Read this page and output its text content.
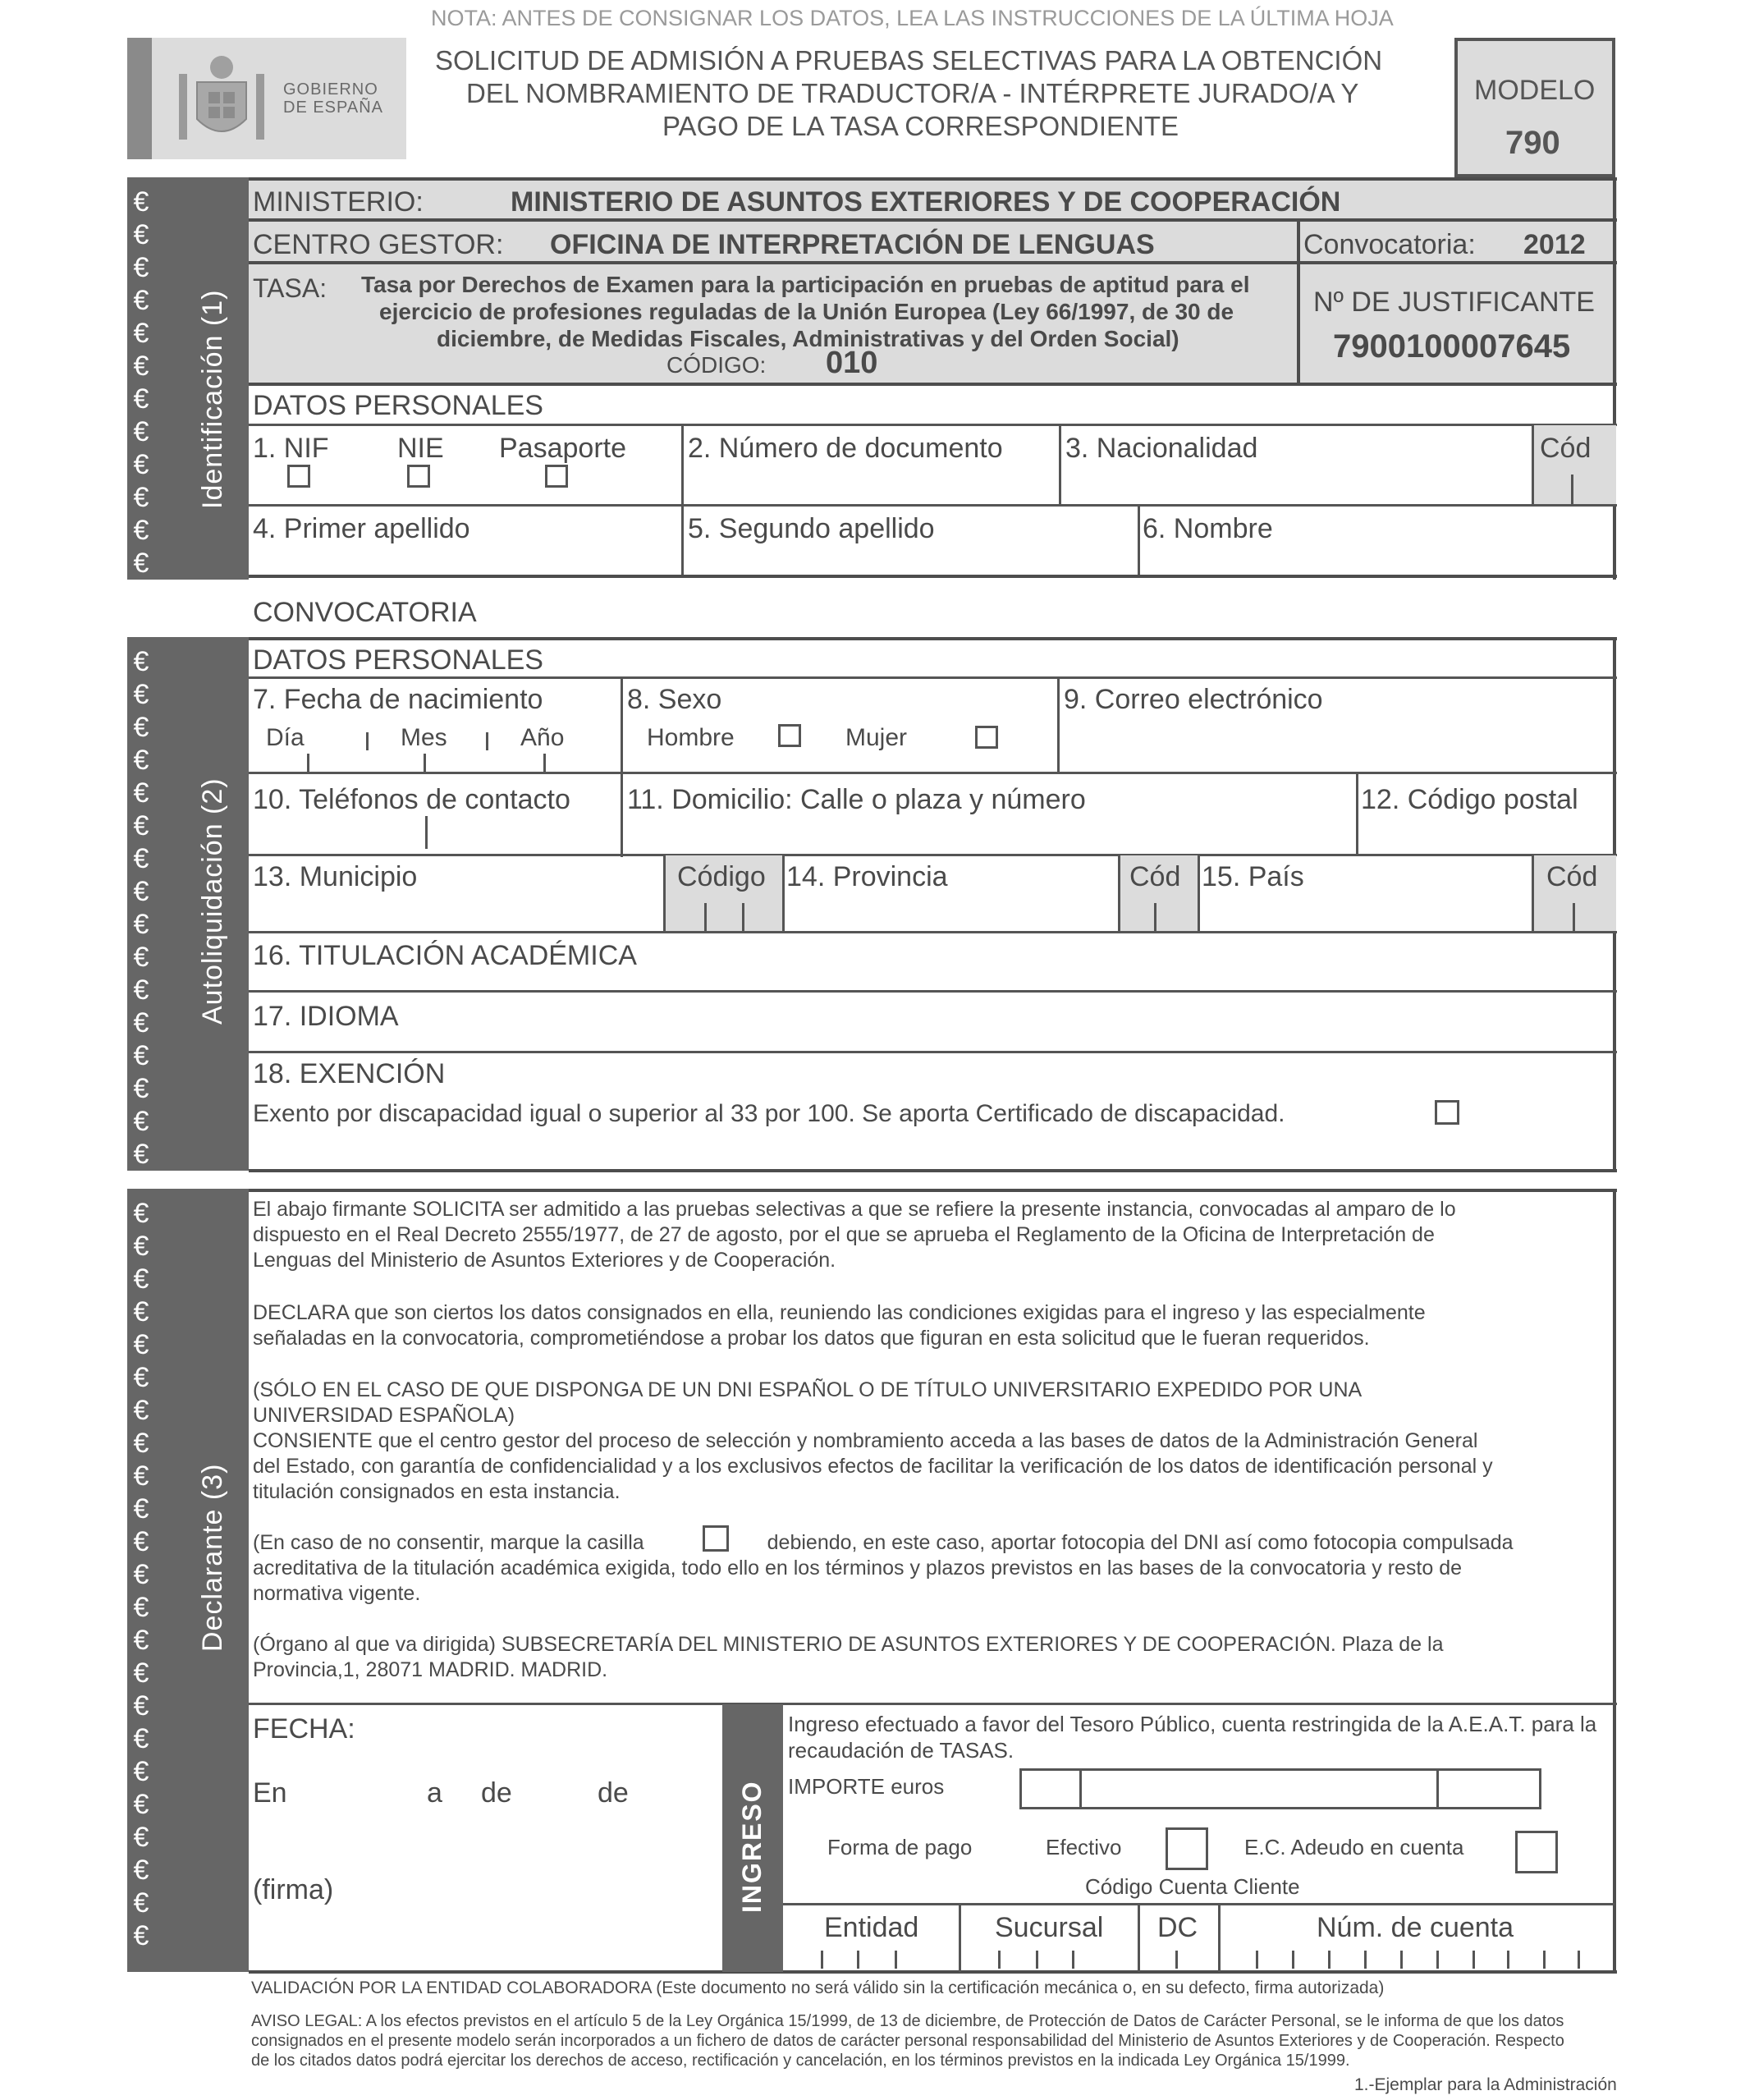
NOTA: ANTES DE CONSIGNAR LOS DATOS, LEA LAS INSTRUCCIONES DE LA ÚLTIMA HOJA
GOBIERNO
DE ESPAÑA
SOLICITUD DE ADMISIÓN A PRUEBAS SELECTIVAS PARA LA OBTENCIÓN
DEL NOMBRAMIENTO DE TRADUCTOR/A - INTÉRPRETE JURADO/A Y
PAGO DE LA TASA CORRESPONDIENTE
MODELO
790
€
€
€
€
€
€
€
€
€
€
€
€
Identificación (1)
MINISTERIO:	MINISTERIO DE ASUNTOS EXTERIORES Y DE COOPERACIÓN
CENTRO GESTOR: OFICINA DE INTERPRETACIÓN DE LENGUAS	Convocatoria: 2012
TASA: Tasa por Derechos de Examen para la participación en pruebas de aptitud para el
ejercicio de profesiones reguladas de la Unión Europea (Ley 66/1997, de 30 de
diciembre, de Medidas Fiscales, Administrativas y del Orden Social)
CÓDIGO: 010
Nº DE JUSTIFICANTE
7900100007645
DATOS PERSONALES
1. NIF NIE Pasaporte 2. Número de documento 3. Nacionalidad	Cód
4. Primer apellido	5. Segundo apellido	6. Nombre
CONVOCATORIA
€
€
€
€
€
€
€
€
€
€
€
€
€
€
€
€
Autoliquidación (2)
DATOS PERSONALES
7. Fecha de nacimiento
Día	Mes	Año
8. Sexo
Hombre	Mujer
9. Correo electrónico
10. Teléfonos de contacto 11. Domicilio: Calle o plaza y número	12. Código postal
13. Municipio	Código 14. Provincia	Cód 15. País	Cód
16. TITULACIÓN ACADÉMICA
17. IDIOMA
18. EXENCIÓN
Exento por discapacidad igual o superior al 33 por 100. Se aporta Certificado de discapacidad.
€
€
€
€
€
€
€
€
€
€
€
€
€
€
€
€
€
€
€
€
€
€
€
Declarante (3)
El abajo firmante SOLICITA ser admitido a las pruebas selectivas a que se refiere la presente instancia, convocadas al amparo de lo
dispuesto en el Real Decreto 2555/1977, de 27 de agosto, por el que se aprueba el Reglamento de la Oficina de Interpretación de
Lenguas del Ministerio de Asuntos Exteriores y de Cooperación.
DECLARA que son ciertos los datos consignados en ella, reuniendo las condiciones exigidas para el ingreso y las especialmente
señaladas en la convocatoria, comprometiéndose a probar los datos que figuran en esta solicitud que le fueran requeridos.
(SÓLO EN EL CASO DE QUE DISPONGA DE UN DNI ESPAÑOL O DE TÍTULO UNIVERSITARIO EXPEDIDO POR UNA
UNIVERSIDAD ESPAÑOLA)
CONSIENTE que el centro gestor del proceso de selección y nombramiento acceda a las bases de datos de la Administración General
del Estado, con garantía de confidencialidad y a los exclusivos efectos de facilitar la verificación de los datos de identificación personal y
titulación consignados en esta instancia.
(En caso de no consentir, marque la casilla	debiendo, en este caso, aportar fotocopia del DNI así como fotocopia compulsada
acreditativa de la titulación académica exigida, todo ello en los términos y plazos previstos en las bases de la convocatoria y resto de
normativa vigente.
(Órgano al que va dirigida) SUBSECRETARÍA DEL MINISTERIO DE ASUNTOS EXTERIORES Y DE COOPERACIÓN. Plaza de la
Provincia,1, 28071 MADRID. MADRID.
FECHA:
En	a de	de
(firma)	INGRESO
Ingreso efectuado a favor del Tesoro Público, cuenta restringida de la A.E.A.T. para la
recaudación de TASAS.
IMPORTE euros
Forma de pago	Efectivo	E.C. Adeudo en cuenta
Código Cuenta Cliente
Entidad	Sucursal DC	Núm. de cuenta
VALIDACIÓN POR LA ENTIDAD COLABORADORA (Este documento no será válido sin la certificación mecánica o, en su defecto, firma autorizada)
AVISO LEGAL: A los efectos previstos en el artículo 5 de la Ley Orgánica 15/1999, de 13 de diciembre, de Protección de Datos de Carácter Personal, se le informa de que los datos
consignados en el presente modelo serán incorporados a un fichero de datos de carácter personal responsabilidad del Ministerio de Asuntos Exteriores y de Cooperación. Respecto
de los citados datos podrá ejercitar los derechos de acceso, rectificación y cancelación, en los términos previstos en la indicada Ley Orgánica 15/1999.
1.-Ejemplar para la Administración
